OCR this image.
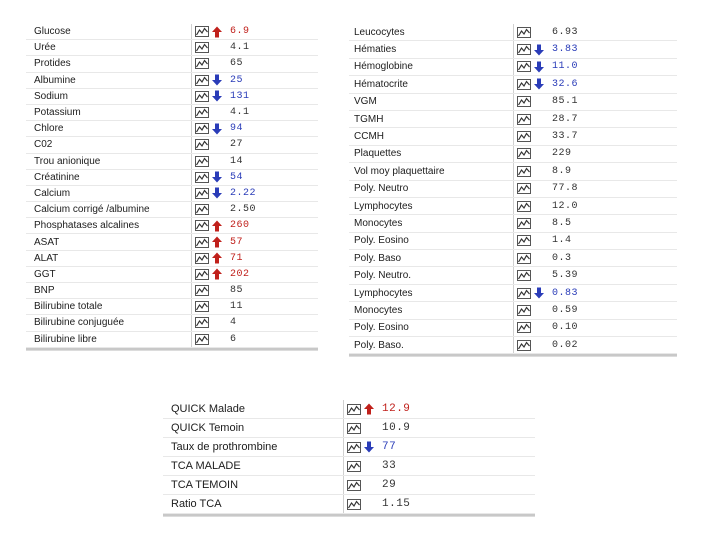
Glucose	6.9
Urée	4.1
Protides	65
Albumine	25
Sodium	131
Potassium	4.1
Chlore	94
C02	27
Trou anionique	14
Créatinine	54
Calcium	2.22
Calcium corrigé /albumine	2.50
Phosphatases alcalines	260
ASAT	57
ALAT	71
GGT	202
BNP	85
Bilirubine totale	11
Bilirubine conjuguée	4
Bilirubine libre	6
Leucocytes	6.93
Hématies	3.83
Hémoglobine	11.0
Hématocrite	32.6
VGM	85.1
TGMH	28.7
CCMH	33.7
Plaquettes	229
Vol moy plaquettaire	8.9
Poly. Neutro	77.8
Lymphocytes	12.0
Monocytes	8.5
Poly. Eosino	1.4
Poly. Baso	0.3
Poly. Neutro.	5.39
Lymphocytes	0.83
Monocytes	0.59
Poly. Eosino	0.10
Poly. Baso.	0.02
QUICK Malade	12.9
QUICK Temoin	10.9
Taux de prothrombine	77
TCA MALADE	33
TCA TEMOIN	29
Ratio TCA	1.15
